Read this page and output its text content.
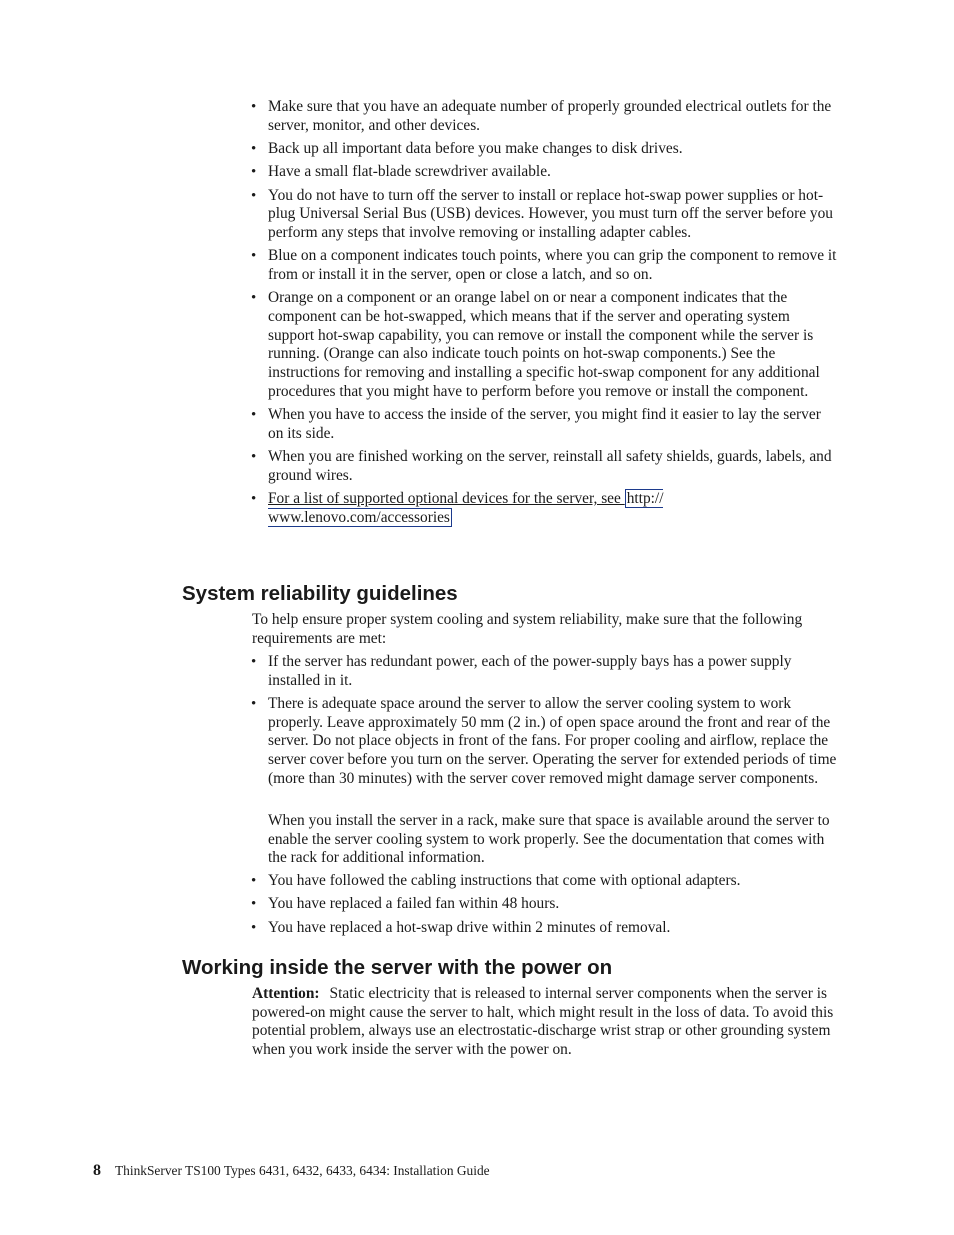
• Make sure that you have an adequate number of properly grounded electrical outlets for the server, monitor, and other devices.
• Back up all important data before you make changes to disk drives.
• Have a small flat-blade screwdriver available.
• You do not have to turn off the server to install or replace hot-swap power supplies or hot-plug Universal Serial Bus (USB) devices. However, you must turn off the server before you perform any steps that involve removing or installing adapter cables.
• Blue on a component indicates touch points, where you can grip the component to remove it from or install it in the server, open or close a latch, and so on.
• Orange on a component or an orange label on or near a component indicates that the component can be hot-swapped, which means that if the server and operating system support hot-swap capability, you can remove or install the component while the server is running. (Orange can also indicate touch points on hot-swap components.) See the instructions for removing and installing a specific hot-swap component for any additional procedures that you might have to perform before you remove or install the component.
• When you have to access the inside of the server, you might find it easier to lay the server on its side.
• When you are finished working on the server, reinstall all safety shields, guards, labels, and ground wires.
• For a list of supported optional devices for the server, see http://
www.lenovo.com/accessories
System reliability guidelines

To help ensure proper system cooling and system reliability, make sure that the following requirements are met:

• If the server has redundant power, each of the power-supply bays has a power supply installed in it.
• There is adequate space around the server to allow the server cooling system to work properly. Leave approximately 50 mm (2 in.) of open space around the front and rear of the server. Do not place objects in front of the fans. For proper cooling and airflow, replace the server cover before you turn on the server. Operating the server for extended periods of time (more than 30 minutes) with the server cover removed might damage server components.

When you install the server in a rack, make sure that space is available around the server to enable the server cooling system to work properly. See the documentation that comes with the rack for additional information.

• You have followed the cabling instructions that come with optional adapters.
• You have replaced a failed fan within 48 hours.
• You have replaced a hot-swap drive within 2 minutes of removal.
Working inside the server with the power on

Attention: Static electricity that is released to internal server components when the server is powered-on might cause the server to halt, which might result in the loss of data. To avoid this potential problem, always use an electrostatic-discharge wrist strap or other grounding system when you work inside the server with the power on.

8 ThinkServer TS100 Types 6431, 6432, 6433, 6434: Installation Guide
